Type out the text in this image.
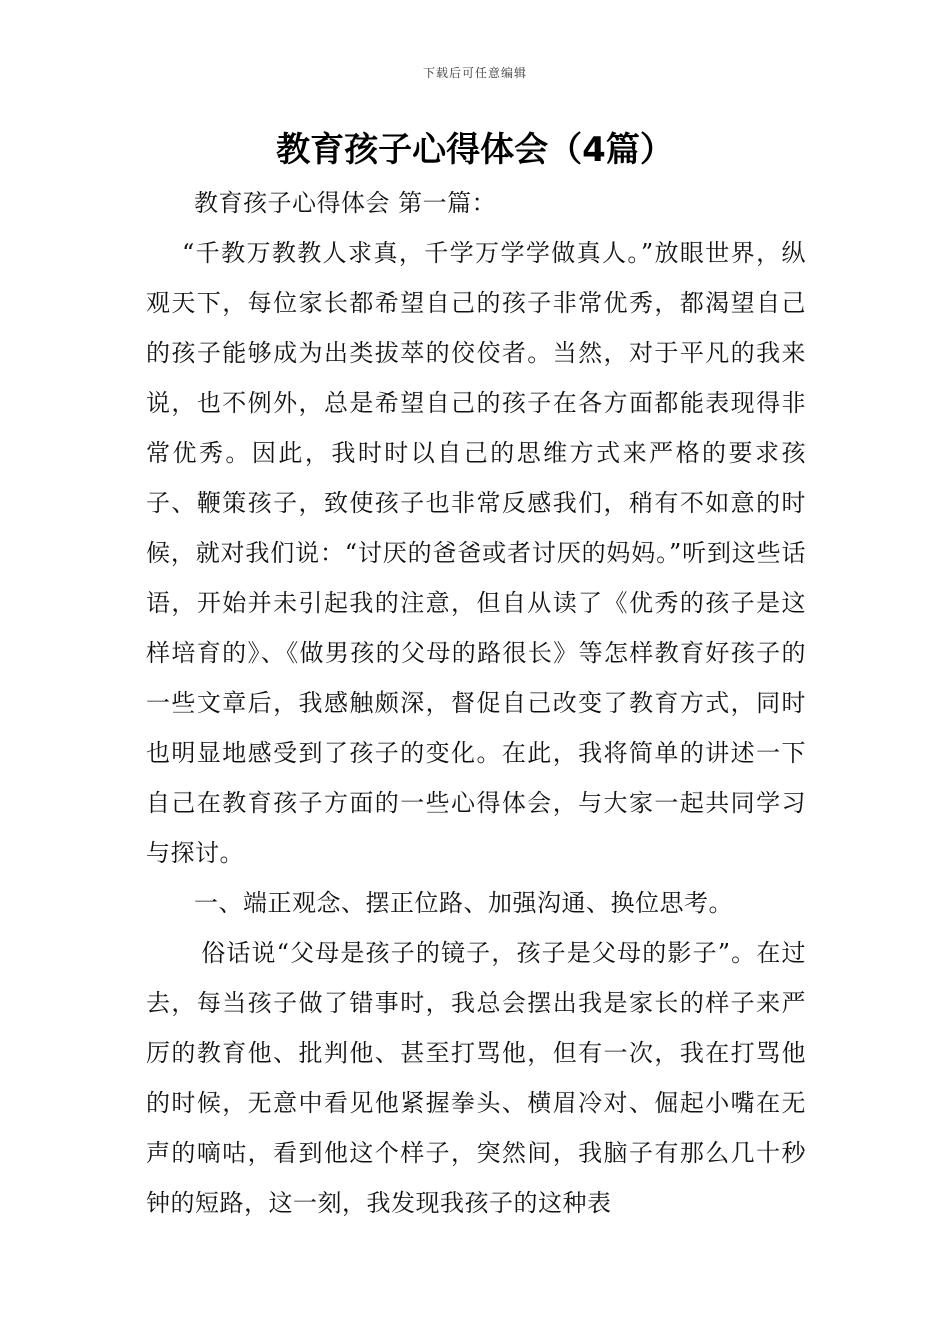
下载后可任意编辑
教育孩子心得体会（4篇）

教育孩子心得体会 第一篇：

“千教万教教人求真，千学万学学做真人。”放眼世界，纵观天下，每位家长都希望自己的孩子非常优秀，都渴望自己的孩子能够成为出类拔萃的佼佼者。当然，对于平凡的我来说，也不例外，总是希望自己的孩子在各方面都能表现得非常优秀。因此，我时时以自己的思维方式来严格的要求孩子、鞭策孩子，致使孩子也非常反感我们，稍有不如意的时候，就对我们说：“讨厌的爸爸或者讨厌的妈妈。”听到这些话语，开始并未引起我的注意，但自从读了《优秀的孩子是这样培育的》、《做男孩的父母的路很长》等怎样教育好孩子的一些文章后，我感触颇深，督促自己改变了教育方式，同时也明显地感受到了孩子的变化。在此，我将简单的讲述一下自己在教育孩子方面的一些心得体会，与大家一起共同学习与探讨。

一、端正观念、摆正位路、加强沟通、换位思考。

俗话说“父母是孩子的镜子，孩子是父母的影子”。在过去，每当孩子做了错事时，我总会摆出我是家长的样子来严厉的教育他、批判他、甚至打骂他，但有一次，我在打骂他的时候，无意中看见他紧握拳头、横眉冷对、倔起小嘴在无声的嘀咕，看到他这个样子，突然间，我脑子有那么几十秒钟的短路，这一刻，我发现我孩子的这种表
